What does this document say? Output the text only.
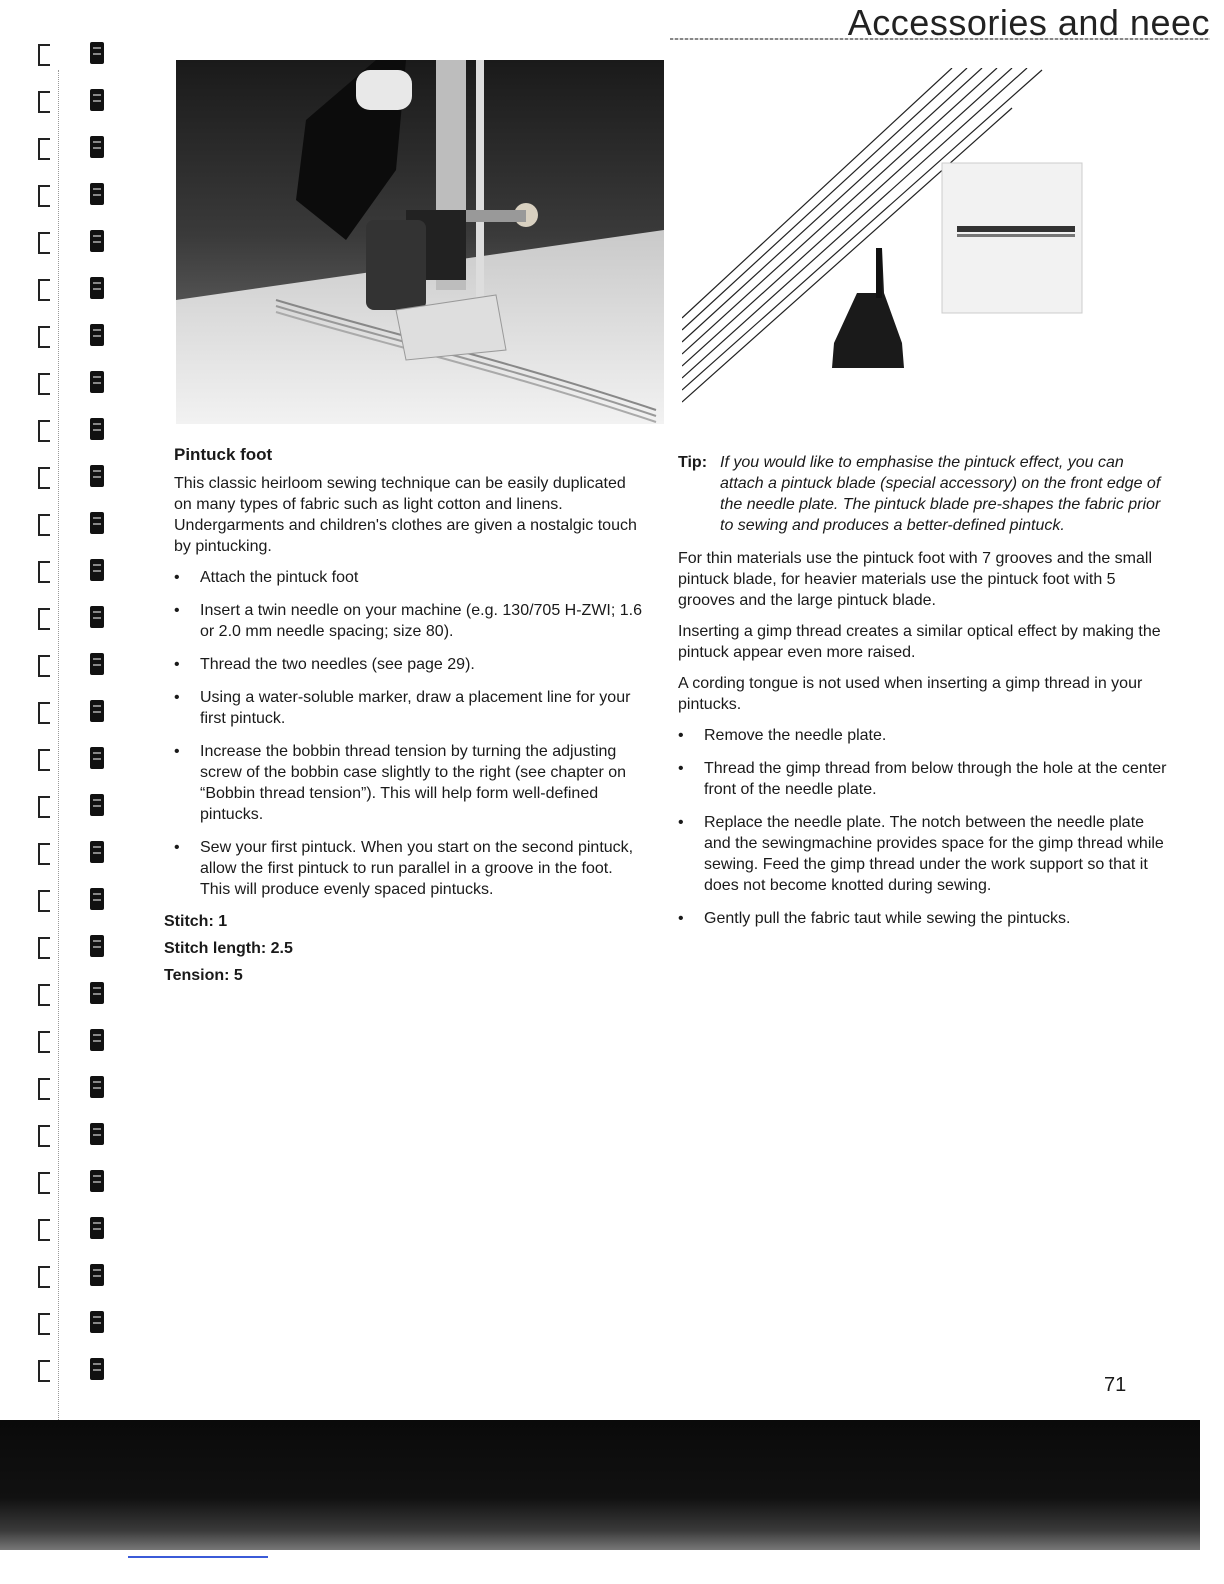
Accessories and neec
Pintuck foot

This classic heirloom sewing technique can be easily duplicated on many types of fabric such as light cotton and linens. Undergarments and children's clothes are given a nostalgic touch by pintucking.

• Attach the pintuck foot
• Insert a twin needle on your machine (e.g. 130/705 H-ZWI; 1.6 or 2.0 mm needle spacing; size 80).
• Thread the two needles (see page 29).
• Using a water-soluble marker, draw a placement line for your first pintuck.
• Increase the bobbin thread tension by turning the adjusting screw of the bobbin case slightly to the right (see chapter on “Bobbin thread tension”). This will help form well-defined pintucks.
• Sew your first pintuck. When you start on the second pintuck, allow the first pintuck to run parallel in a groove in the foot. This will produce evenly spaced pintucks.
Stitch: 1
Stitch length: 2.5
Tension: 5
Tip: If you would like to emphasise the pintuck effect, you can attach a pintuck blade (special accessory) on the front edge of the needle plate. The pintuck blade pre-shapes the fabric prior to sewing and produces a better-defined pintuck.

For thin materials use the pintuck foot with 7 grooves and the small pintuck blade, for heavier materials use the pintuck foot with 5 grooves and the large pintuck blade.

Inserting a gimp thread creates a similar optical effect by making the pintuck appear even more raised.

A cording tongue is not used when inserting a gimp thread in your pintucks.

• Remove the needle plate.
• Thread the gimp thread from below through the hole at the center front of the needle plate.
• Replace the needle plate. The notch between the needle plate and the sewingmachine provides space for the gimp thread while sewing. Feed the gimp thread under the work support so that it does not become knotted during sewing.
• Gently pull the fabric taut while sewing the pintucks.
71
